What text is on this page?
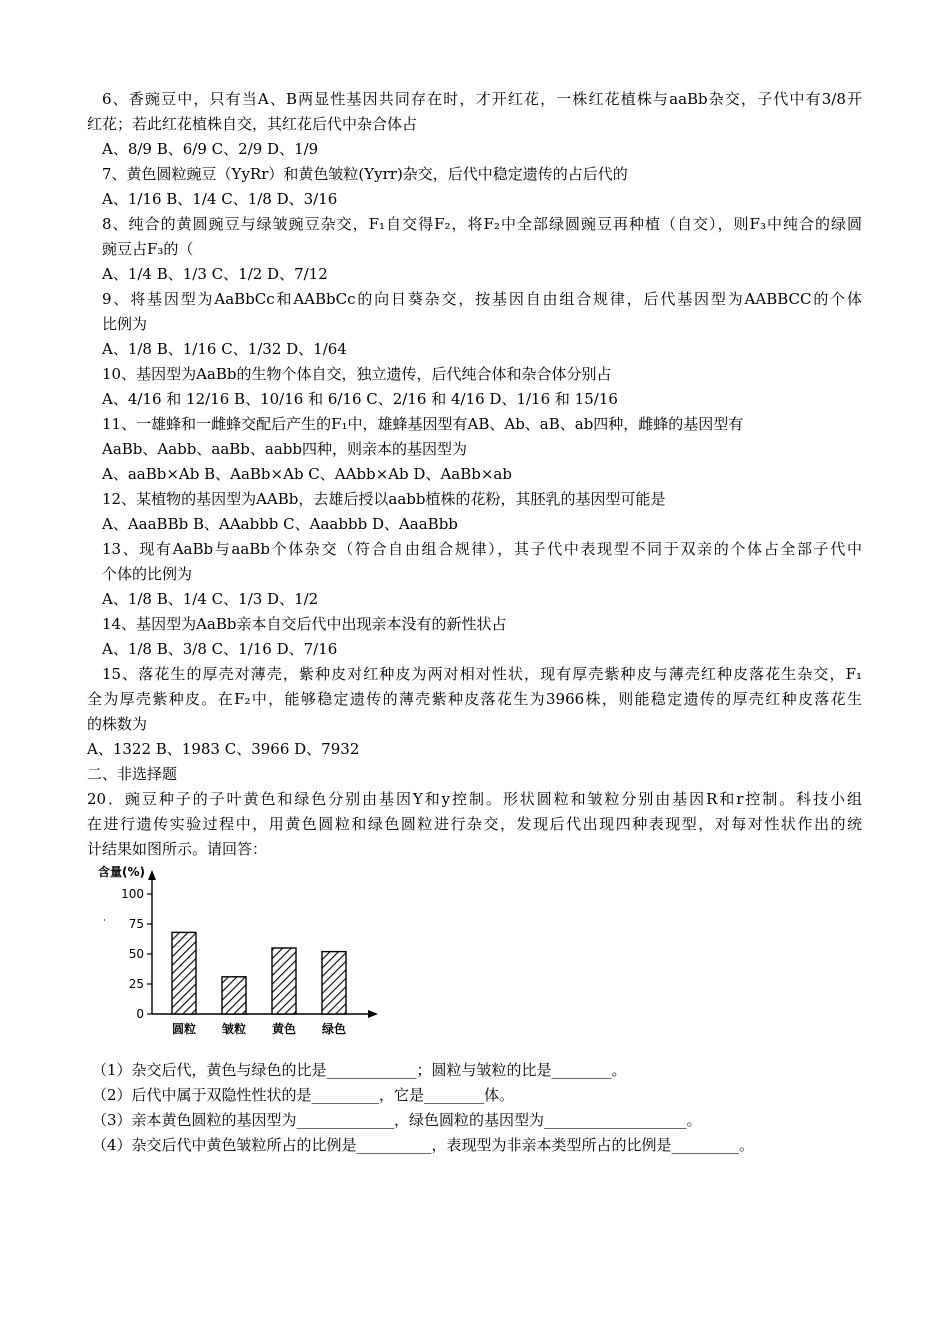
6、香豌豆中，只有当A、B两显性基因共同存在时，才开红花，一株红花植株与aaBb杂交，子代中有3/8开
红花；若此红花植株自交，其红花后代中杂合体占
A、8/9 B、6/9 C、2/9 D、1/9
7、黄色圆粒豌豆（YyRr）和黄色皱粒(Yyrr)杂交，后代中稳定遗传的占后代的
A、1/16 B、1/4 C、1/8 D、3/16
8、纯合的黄圆豌豆与绿皱豌豆杂交，F₁自交得F₂，将F₂中全部绿圆豌豆再种植（自交），则F₃中纯合的绿圆
豌豆占F₃的（
A、1/4 B、1/3 C、1/2 D、7/12
9、将基因型为AaBbCc和AABbCc的向日葵杂交，按基因自由组合规律，后代基因型为AABBCC的个体
比例为
A、1/8 B、1/16 C、1/32 D、1/64
10、基因型为AaBb的生物个体自交，独立遗传，后代纯合体和杂合体分别占
A、4/16 和 12/16 B、10/16 和 6/16 C、2/16 和 4/16 D、1/16 和 15/16
11、一雄蜂和一雌蜂交配后产生的F₁中，雄蜂基因型有AB、Ab、aB、ab四种，雌蜂的基因型有
AaBb、Aabb、aaBb、aabb四种，则亲本的基因型为
A、aaBb×Ab B、AaBb×Ab C、AAbb×Ab D、AaBb×ab
12、某植物的基因型为AABb，去雄后授以aabb植株的花粉，其胚乳的基因型可能是
A、AaaBBb B、AAabbb C、Aaabbb D、AaaBbb
13、现有AaBb与aaBb个体杂交（符合自由组合规律），其子代中表现型不同于双亲的个体占全部子代中
个体的比例为
A、1/8 B、1/4 C、1/3 D、1/2
14、基因型为AaBb亲本自交后代中出现亲本没有的新性状占
A、1/8 B、3/8 C、1/16 D、7/16
15、落花生的厚壳对薄壳，紫种皮对红种皮为两对相对性状，现有厚壳紫种皮与薄壳红种皮落花生杂交，F₁
全为厚壳紫种皮。在F₂中，能够稳定遗传的薄壳紫种皮落花生为3966株，则能稳定遗传的厚壳红种皮落花生
的株数为
A、1322 B、1983 C、3966 D、7932
二、非选择题
20．豌豆种子的子叶黄色和绿色分别由基因Y和y控制。形状圆粒和皱粒分别由基因R和r控制。科技小组
在进行遗传实验过程中，用黄色圆粒和绿色圆粒进行杂交，发现后代出现四种表现型，对每对性状作出的统
计结果如图所示。请回答：
含量(%)
0
25
50
75
100
圆粒 皱粒 黄色 绿色
（1）杂交后代，黄色与绿色的比是____________；圆粒与皱粒的比是________。
（2）后代中属于双隐性性状的是_________，它是________体。
（3）亲本黄色圆粒的基因型为_____________，绿色圆粒的基因型为___________________。
（4）杂交后代中黄色皱粒所占的比例是__________，表现型为非亲本类型所占的比例是_________。
